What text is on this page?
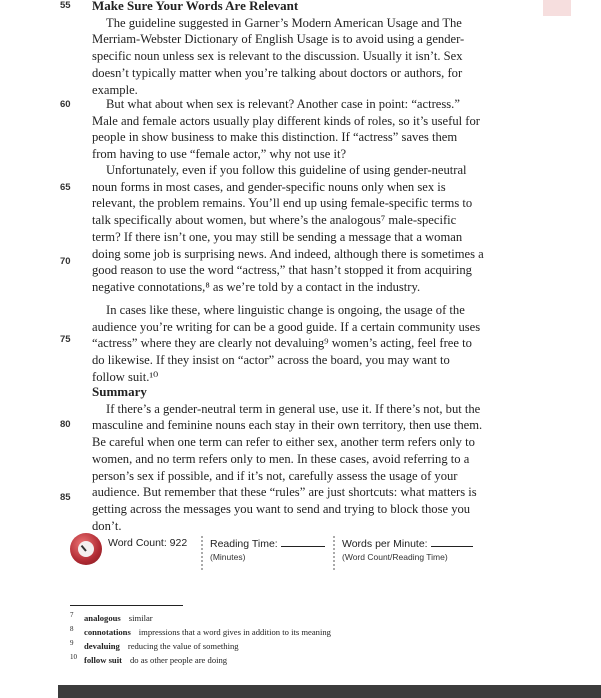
55
60
65
70
75
80
85

Make Sure Your Words Are Relevant

The guideline suggested in Garner’s Modern American Usage and The Merriam-Webster Dictionary of English Usage is to avoid using a gender-specific noun unless sex is relevant to the discussion. Usually it isn’t. Sex doesn’t typically matter when you’re talking about doctors or authors, for example.

But what about when sex is relevant? Another case in point: “actress.” Male and female actors usually play different kinds of roles, so it’s useful for people in show business to make this distinction. If “actress” saves them from having to use “female actor,” why not use it?

Unfortunately, even if you follow this guideline of using gender-neutral noun forms in most cases, and gender-specific nouns only when sex is relevant, the problem remains. You’ll end up using female-specific terms to talk specifically about women, but where’s the analogous⁷ male-specific term? If there isn’t one, you may still be sending a message that a woman doing some job is surprising news. And indeed, although there is sometimes a good reason to use the word “actress,” that hasn’t stopped it from acquiring negative connotations,⁸ as we’re told by a contact in the industry.

In cases like these, where linguistic change is ongoing, the usage of the audience you’re writing for can be a good guide. If a certain community uses “actress” where they are clearly not devaluing⁹ women’s acting, feel free to do likewise. If they insist on “actor” across the board, you may want to follow suit.¹⁰

Summary

If there’s a gender-neutral term in general use, use it. If there’s not, but the masculine and feminine nouns each stay in their own territory, then use them. Be careful when one term can refer to either sex, another term refers only to women, and no term refers only to men. In these cases, avoid referring to a person’s sex if possible, and if it’s not, carefully assess the usage of your audience. But remember that these “rules” are just shortcuts: what matters is getting across the messages you want to send and trying to block those you don’t.

Word Count: 922 Reading Time:
(Minutes)
Words per Minute:
(Word Count/Reading Time)
7 analogous similar
8 connotations impressions that a word gives in addition to its meaning
9 devaluing reducing the value of something
10 follow suit do as other people are doing
